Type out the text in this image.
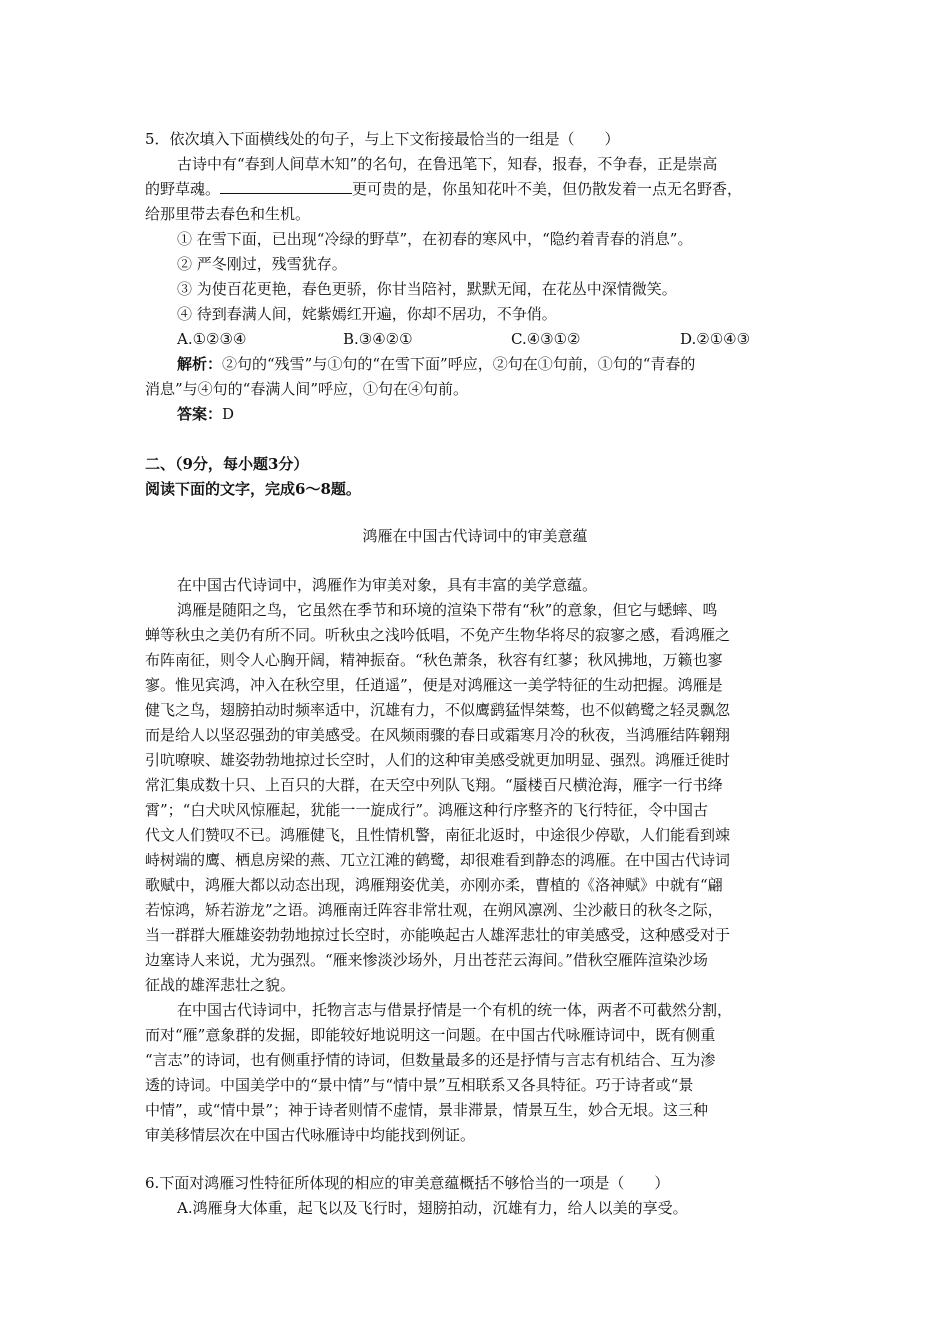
5．依次填入下面横线处的句子，与上下文衔接最恰当的一组是（　　）
古诗中有“春到人间草木知”的名句，在鲁迅笔下，知春，报春，不争春，正是崇高
的野草魂。	更可贵的是，你虽知花叶不美，但仍散发着一点无名野香，
给那里带去春色和生机。
① 在雪下面，已出现“冷绿的野草”，在初春的寒风中，“隐约着青春的消息”。
② 严冬刚过，残雪犹存。
③ 为使百花更艳，春色更骄，你甘当陪衬，默默无闻，在花丛中深情微笑。
④ 待到春满人间，姹紫嫣红开遍，你却不居功，不争俏。
A.①②③④	B.③④②①	C.④③①②	D.②①④③
解析：②句的“残雪”与①句的“在雪下面”呼应，②句在①句前，①句的“青春的
消息”与④句的“春满人间”呼应，①句在④句前。
答案：D
二、（9分，每小题3分）
阅读下面的文字，完成6～8题。
鸿雁在中国古代诗词中的审美意蕴
在中国古代诗词中，鸿雁作为审美对象，具有丰富的美学意蕴。
鸿雁是随阳之鸟，它虽然在季节和环境的渲染下带有“秋”的意象，但它与蟋蟀、鸣
蝉等秋虫之美仍有所不同。听秋虫之浅吟低唱，不免产生物华将尽的寂寥之感，看鸿雁之
布阵南征，则令人心胸开阔，精神振奋。“秋色萧条，秋容有红蓼；秋风拂地，万籁也寥
寥。惟见宾鸿，冲入在秋空里，任逍遥”，便是对鸿雁这一美学特征的生动把握。鸿雁是
健飞之鸟，翅膀拍动时频率适中，沉雄有力，不似鹰鹞猛悍桀骜，也不似鹤鹭之轻灵飘忽
而是给人以坚忍强劲的审美感受。在风频雨骤的春日或霜寒月冷的秋夜，当鸿雁结阵翱翔
引吭嘹唳、雄姿勃勃地掠过长空时，人们的这种审美感受就更加明显、强烈。鸿雁迁徙时
常汇集成数十只、上百只的大群，在天空中列队飞翔。“蜃楼百尺横沧海，雁字一行书绛
霄”；“白犬吠风惊雁起，犹能一一旋成行”。鸿雁这种行序整齐的飞行特征，令中国古
代文人们赞叹不已。鸿雁健飞，且性情机警，南征北返时，中途很少停歇，人们能看到竦
峙树端的鹰、栖息房梁的燕、兀立江滩的鹤鹭，却很难看到静态的鸿雁。在中国古代诗词
歌赋中，鸿雁大都以动态出现，鸿雁翔姿优美，亦刚亦柔，曹植的《洛神赋》中就有“翩
若惊鸿，矫若游龙”之语。鸿雁南迁阵容非常壮观，在朔风凛冽、尘沙蔽日的秋冬之际，
当一群群大雁雄姿勃勃地掠过长空时，亦能唤起古人雄浑悲壮的审美感受，这种感受对于
边塞诗人来说，尤为强烈。“雁来惨淡沙场外，月出苍茫云海间。”借秋空雁阵渲染沙场
征战的雄浑悲壮之貌。
在中国古代诗词中，托物言志与借景抒情是一个有机的统一体，两者不可截然分割，
而对“雁”意象群的发掘，即能较好地说明这一问题。在中国古代咏雁诗词中，既有侧重
“言志”的诗词，也有侧重抒情的诗词，但数量最多的还是抒情与言志有机结合、互为渗
透的诗词。中国美学中的“景中情”与“情中景”互相联系又各具特征。巧于诗者或“景
中情”，或“情中景”；神于诗者则情不虚情，景非滞景，情景互生，妙合无垠。这三种
审美移情层次在中国古代咏雁诗中均能找到例证。
6.下面对鸿雁习性特征所体现的相应的审美意蕴概括不够恰当的一项是（　　）
A.鸿雁身大体重，起飞以及飞行时，翅膀拍动，沉雄有力，给人以美的享受。
